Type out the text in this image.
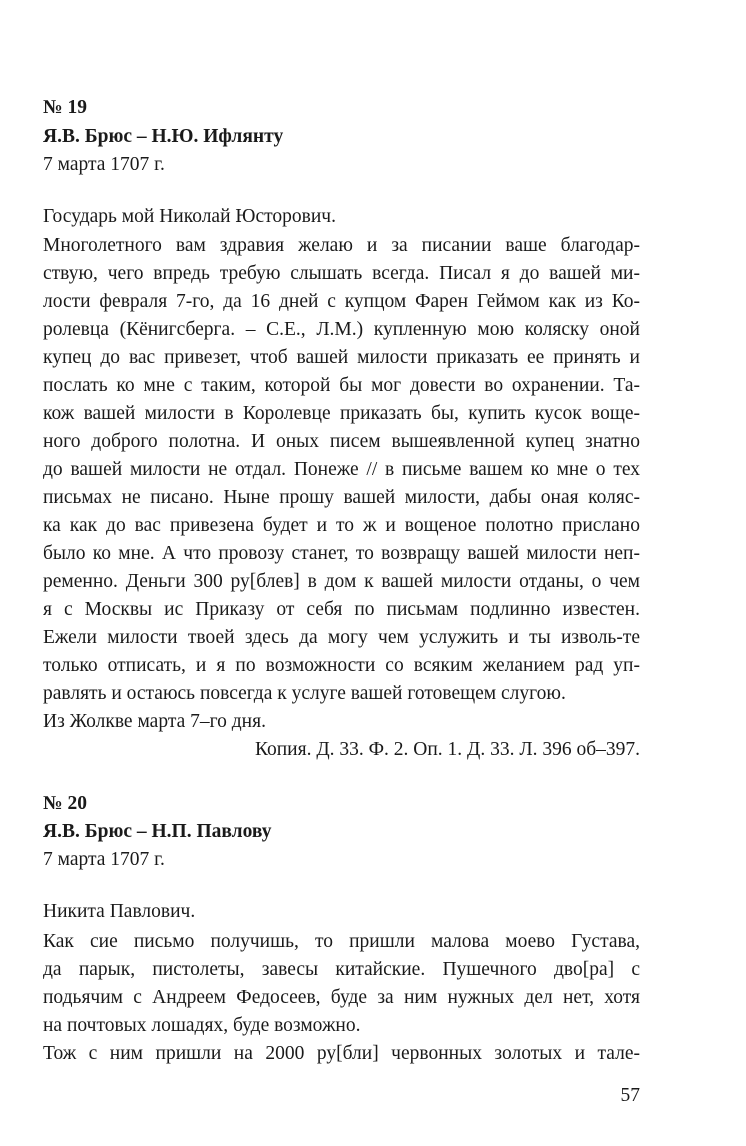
№ 19
Я.В. Брюс – Н.Ю. Ифлянту
7 марта 1707 г.
Государь мой Николай Юсторович.
Многолетного вам здравия желаю и за писании ваше благодар-
ствую, чего впредь требую слышать всегда. Писал я до вашей ми-
лости февраля 7-го, да 16 дней с купцом Фарен Геймом как из Ко-
ролевца (Кёнигсберга. – С.Е., Л.М.) купленную мою коляску оной
купец до вас привезет, чтоб вашей милости приказать ее принять и
послать ко мне с таким, которой бы мог довести во охранении. Та-
кож вашей милости в Королевце приказать бы, купить кусок вощe-
ного доброго полотна. И оных писем вышеявленной купец знатно
до вашей милости не отдал. Понеже // в письме вашем ко мне о тех
письмах не писано. Ныне прошу вашей милости, дабы оная коляс-
ка как до вас привезена будет и то ж и вощеное полотно прислано
было ко мне. А что провозу станет, то возвращу вашей милости неп-
ременно. Деньги 300 ру[блев] в дом к вашей милости отданы, о чем
я с Москвы ис Приказу от себя по письмам подлинно известен.
Ежели милости твоей здесь да могу чем услужить и ты изволь-те
только отписать, и я по возможности со всяким желанием рад уп-
равлять и остаюсь повсегда к услуге вашей готовещем слугою.
Из Жолкве марта 7–го дня.
Копия. Д. 33. Ф. 2. Оп. 1. Д. 33. Л. 396 об–397.
№ 20
Я.В. Брюс – Н.П. Павлову
7 марта 1707 г.
Никита Павлович.
Как сие письмо получишь, то пришли малова моево Густава,
да парык, пистолеты, завесы китайские. Пушечного дво[ра] с
подьячим с Андреем Федосеев, буде за ним нужных дел нет, хотя
на почтовых лошадях, буде возможно.
Тож с ним пришли на 2000 ру[бли] червонных золотых и тале-
57
